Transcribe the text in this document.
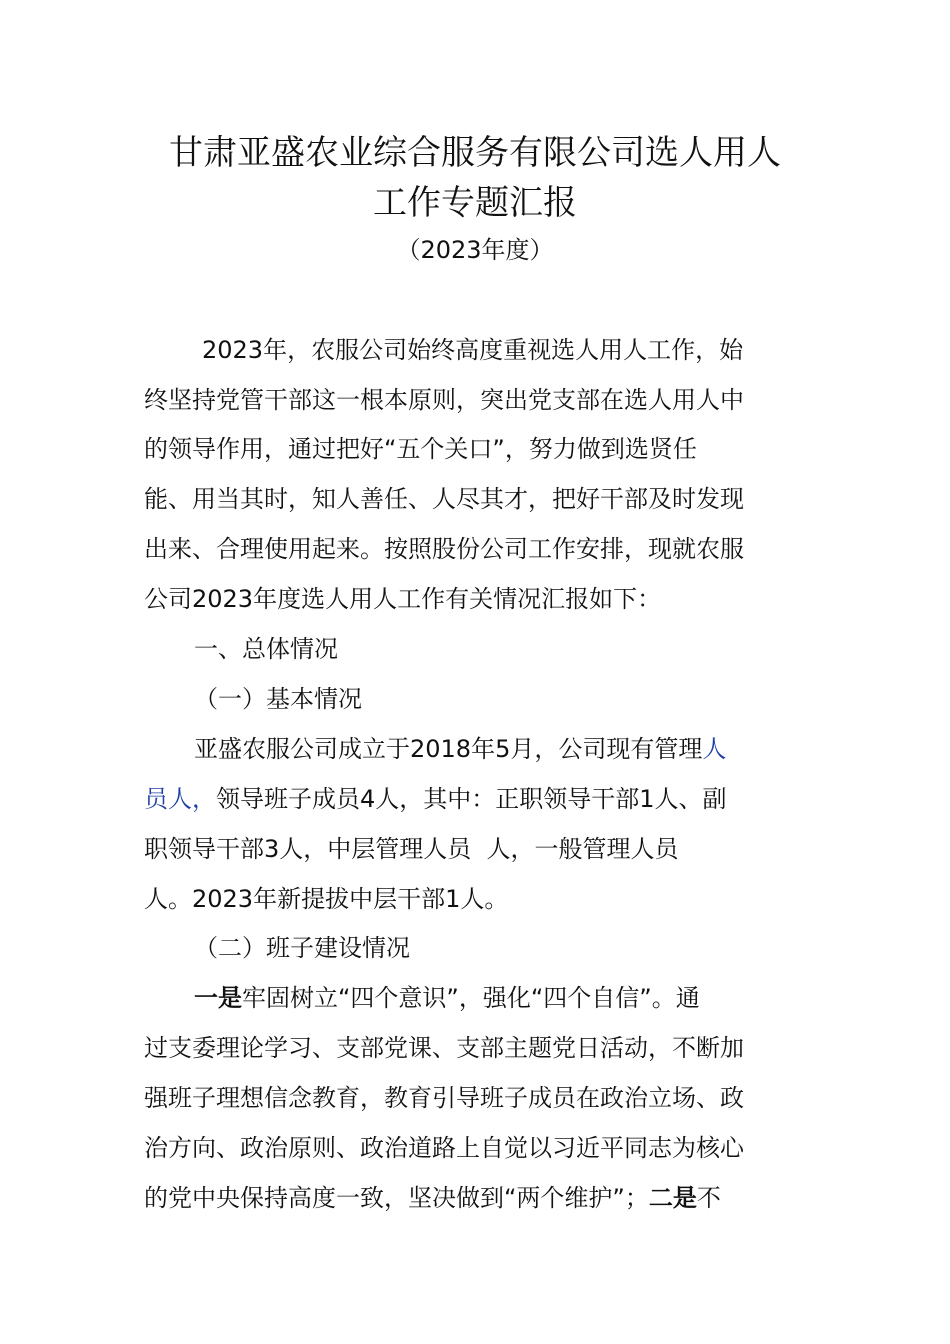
甘肃亚盛农业综合服务有限公司选人用人
工作专题汇报
（2023年度）
2023年，农服公司始终高度重视选人用人工作，始
终坚持党管干部这一根本原则，突出党支部在选人用人中
的领导作用，通过把好“五个关口”，努力做到选贤任
能、用当其时，知人善任、人尽其才，把好干部及时发现
出来、合理使用起来。按照股份公司工作安排，现就农服
公司2023年度选人用人工作有关情况汇报如下：
一、总体情况
（一）基本情况
亚盛农服公司成立于2018年5月，公司现有管理人
员人，领导班子成员4人，其中：正职领导干部1人、副
职领导干部3人，中层管理人员  人，一般管理人员
人。2023年新提拔中层干部1人。
（二）班子建设情况
一是牢固树立“四个意识”，强化“四个自信”。通
过支委理论学习、支部党课、支部主题党日活动，不断加
强班子理想信念教育，教育引导班子成员在政治立场、政
治方向、政治原则、政治道路上自觉以习近平同志为核心
的党中央保持高度一致，坚决做到“两个维护”；二是不
